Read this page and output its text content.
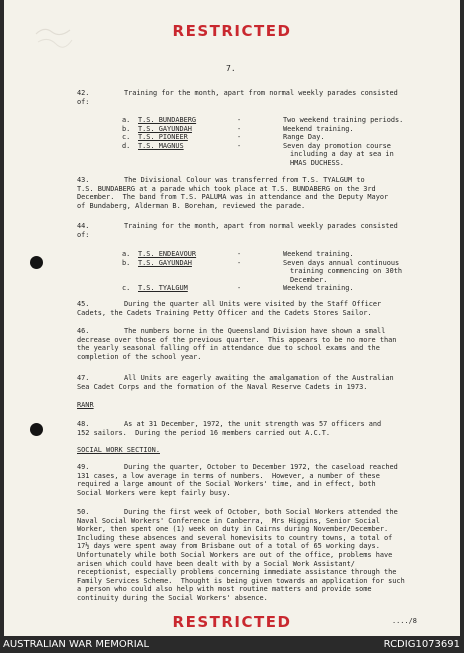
RESTRICTED
7.
42.	Training for the month, apart from normal weekly parades consisted
of:
a. T.S. BUNDABERG	-	Two weekend training periods.
b. T.S. GAYUNDAH	-	Weekend training.
c. T.S. PIONEER	-	Range Day.
d. T.S. MAGNUS	-	Seven day promotion course
including a day at sea in
HMAS DUCHESS.
43.	The Divisional Colour was transferred from T.S. TYALGUM to
T.S. BUNDABERG at a parade which took place at T.S. BUNDABERG on the 3rd
December.  The band from T.S. PALUMA was in attendance and the Deputy Mayor
of Bundaberg, Alderman B. Boreham, reviewed the parade.
44.	Training for the month, apart from normal weekly parades consisted
of:
a. T.S. ENDEAVOUR	-	Weekend training.
b. T.S. GAYUNDAH	-	Seven days annual continuous
training commencing on 30th
December.
c. T.S. TYALGUM	-	Weekend training.
45.	During the quarter all Units were visited by the Staff Officer
Cadets, the Cadets Training Petty Officer and the Cadets Stores Sailor.
46.	The numbers borne in the Queensland Division have shown a small
decrease over those of the previous quarter.  This appears to be no more than
the yearly seasonal falling off in attendance due to school exams and the
completion of the school year.
47.	All Units are eagerly awaiting the amalgamation of the Australian
Sea Cadet Corps and the formation of the Naval Reserve Cadets in 1973.
RANR
48.	As at 31 December, 1972, the unit strength was 57 officers and
152 sailors.  During the period 16 members carried out A.C.T.
SOCIAL WORK SECTION.
49.	During the quarter, October to December 1972, the caseload reached
131 cases, a low average in terms of numbers.  However, a number of these
required a large amount of the Social Workers' time, and in effect, both
Social Workers were kept fairly busy.
50.	During the first week of October, both Social Workers attended the
Naval Social Workers' Conference in Canberra,  Mrs Higgins, Senior Social
Worker, then spent one (1) week on duty in Cairns during November/December.
Including these absences and several homevisits to country towns, a total of
17½ days were spent away from Brisbane out of a total of 65 working days.
Unfortunately while both Social Workers are out of the office, problems have
arisen which could have been dealt with by a Social Work Assistant/
receptionist, especially problems concerning immediate assistance through the
Family Services Scheme.  Thought is being given towards an application for such
a person who could also help with most routine matters and provide some
continuity during the Social Workers' absence.
..../8
RESTRICTED
AUSTRALIAN WAR MEMORIAL	RCDIG1073691
